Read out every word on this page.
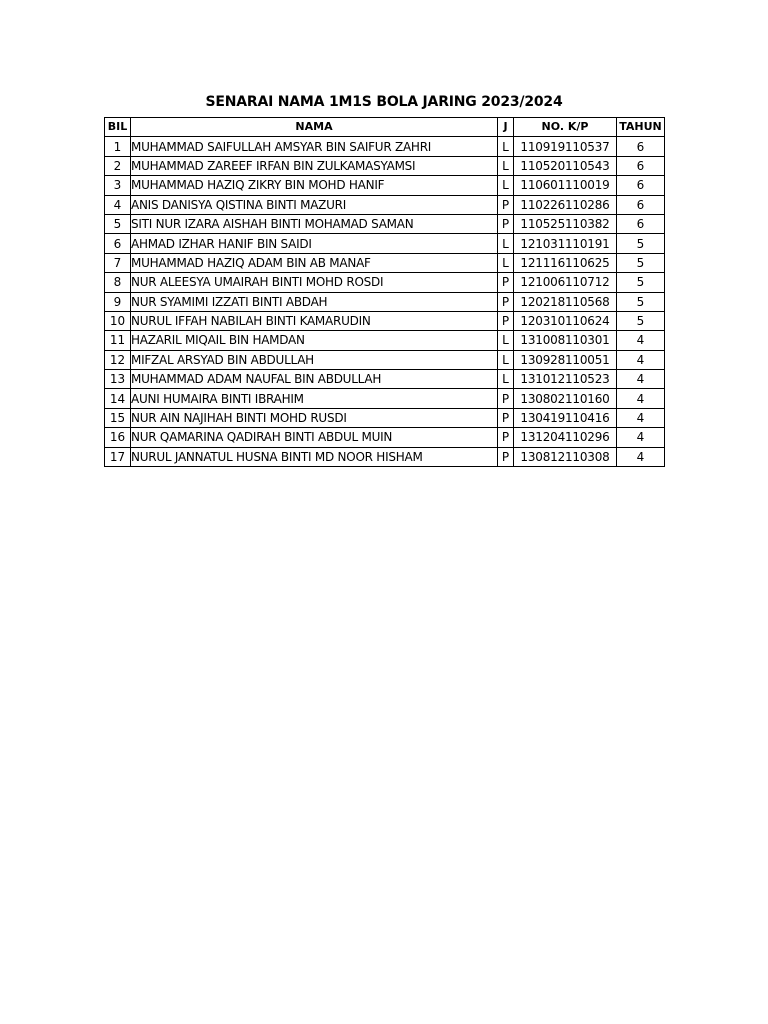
SENARAI NAMA 1M1S BOLA JARING 2023/2024
BIL	NAMA	J	NO. K/P	TAHUN
1	MUHAMMAD SAIFULLAH AMSYAR BIN SAIFUR ZAHRI	L	110919110537	6
2	MUHAMMAD ZAREEF IRFAN BIN ZULKAMASYAMSI	L	110520110543	6
3	MUHAMMAD HAZIQ ZIKRY BIN MOHD HANIF	L	110601110019	6
4	ANIS DANISYA QISTINA BINTI MAZURI	P	110226110286	6
5	SITI NUR IZARA AISHAH BINTI MOHAMAD SAMAN	P	110525110382	6
6	AHMAD IZHAR HANIF BIN SAIDI	L	121031110191	5
7	MUHAMMAD HAZIQ ADAM BIN AB MANAF	L	121116110625	5
8	NUR ALEESYA UMAIRAH BINTI MOHD ROSDI	P	121006110712	5
9	NUR SYAMIMI IZZATI BINTI ABDAH	P	120218110568	5
10	NURUL IFFAH NABILAH BINTI KAMARUDIN	P	120310110624	5
11	HAZARIL MIQAIL BIN HAMDAN	L	131008110301	4
12	MIFZAL ARSYAD BIN ABDULLAH	L	130928110051	4
13	MUHAMMAD ADAM NAUFAL BIN ABDULLAH	L	131012110523	4
14	AUNI HUMAIRA BINTI IBRAHIM	P	130802110160	4
15	NUR AIN NAJIHAH BINTI MOHD RUSDI	P	130419110416	4
16	NUR QAMARINA QADIRAH BINTI ABDUL MUIN	P	131204110296	4
17	NURUL JANNATUL HUSNA BINTI MD NOOR HISHAM	P	130812110308	4
